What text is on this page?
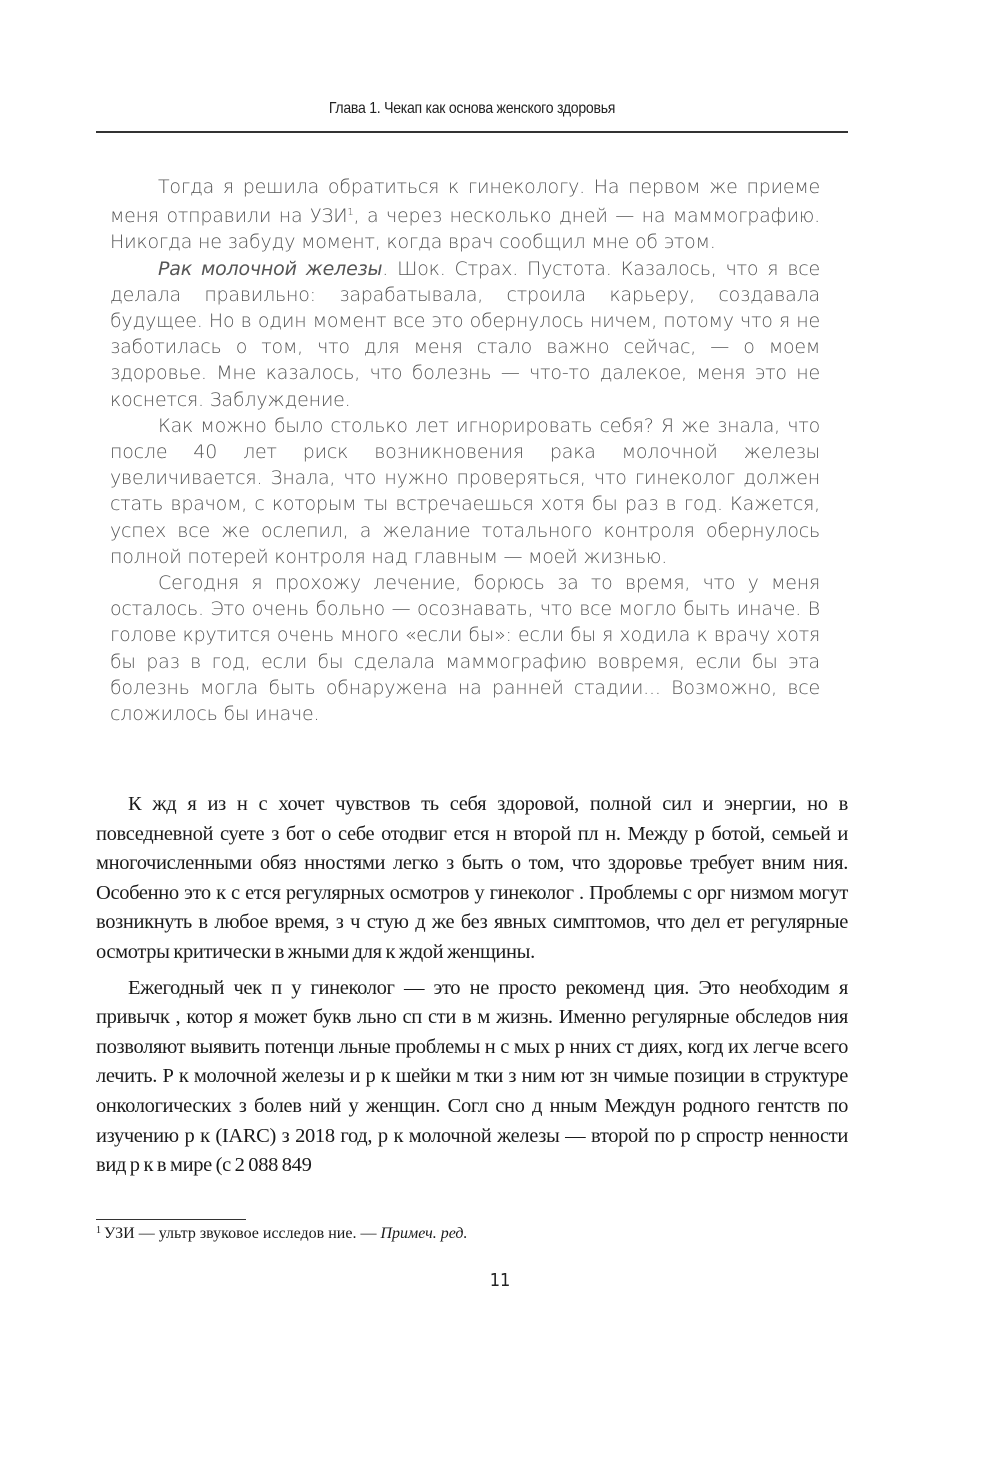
Глава 1. Чекап как основа женского здоровья

Тогда я решила обратиться к гинекологу. На первом же приеме меня отправили на УЗИ$^1$, а через несколько дней — на маммографию. Никогда не забуду момент, когда врач сообщил мне об этом.

Рак молочной железы. Шок. Страх. Пустота. Казалось, что я все делала правильно: зарабатывала, строила карьеру, создавала будущее. Но в один момент все это обернулось ничем, потому что я не заботилась о том, что для меня стало важно сейчас, — о моем здоровье. Мне казалось, что болезнь — что-то далекое, меня это не коснется. Заблуждение.

Как можно было столько лет игнорировать себя? Я же знала, что после 40 лет риск возникновения рака молочной железы увеличивается. Знала, что нужно проверяться, что гинеколог должен стать врачом, с которым ты встречаешься хотя бы раз в год. Кажется, успех все же ослепил, а желание тотального контроля обернулось полной потерей контроля над главным — моей жизнью.

Сегодня я прохожу лечение, борюсь за то время, что у меня осталось. Это очень больно — осознавать, что все могло быть иначе. В голове крутится очень много «если бы»: если бы я ходила к врачу хотя бы раз в год, если бы сделала маммографию вовремя, если бы эта болезнь могла быть обнаружена на ранней стадии... Возможно, все сложилось бы иначе.

К жд я из н с хочет чувствов ть себя здоровой, полной сил и энергии, но в повседневной суете з бот о себе отодвиг ется н второй пл н. Между р ботой, семьей и многочисленными обяз нностями легко з быть о том, что здоровье требует вним ния. Особенно это к с ется регулярных осмотров у гинеколог . Проблемы с орг низмом могут возникнуть в любое время, з ч стую д же без явных симптомов, что дел ет регулярные осмотры критически в жными для к ждой женщины.

Ежегодный чек п у гинеколог — это не просто рекоменд ция. Это необходим я привычк , котор я может букв льно сп сти в м жизнь. Именно регулярные обследов ния позволяют выявить потенци льные проблемы н с мых р нних ст диях, когд их легче всего лечить. Р к молочной железы и р к шейки м тки з ним ют зн чимые позиции в структуре онкологических з болев ний у женщин. Согл сно д нным Междун родного гентств по изучению р к (IARC) з 2018 год, р к молочной железы — второй по р спростр ненности вид р к в мире (с 2 088 849

$^1$ УЗИ — ультр звуковое исследов ние. — Примеч. ред.
11
